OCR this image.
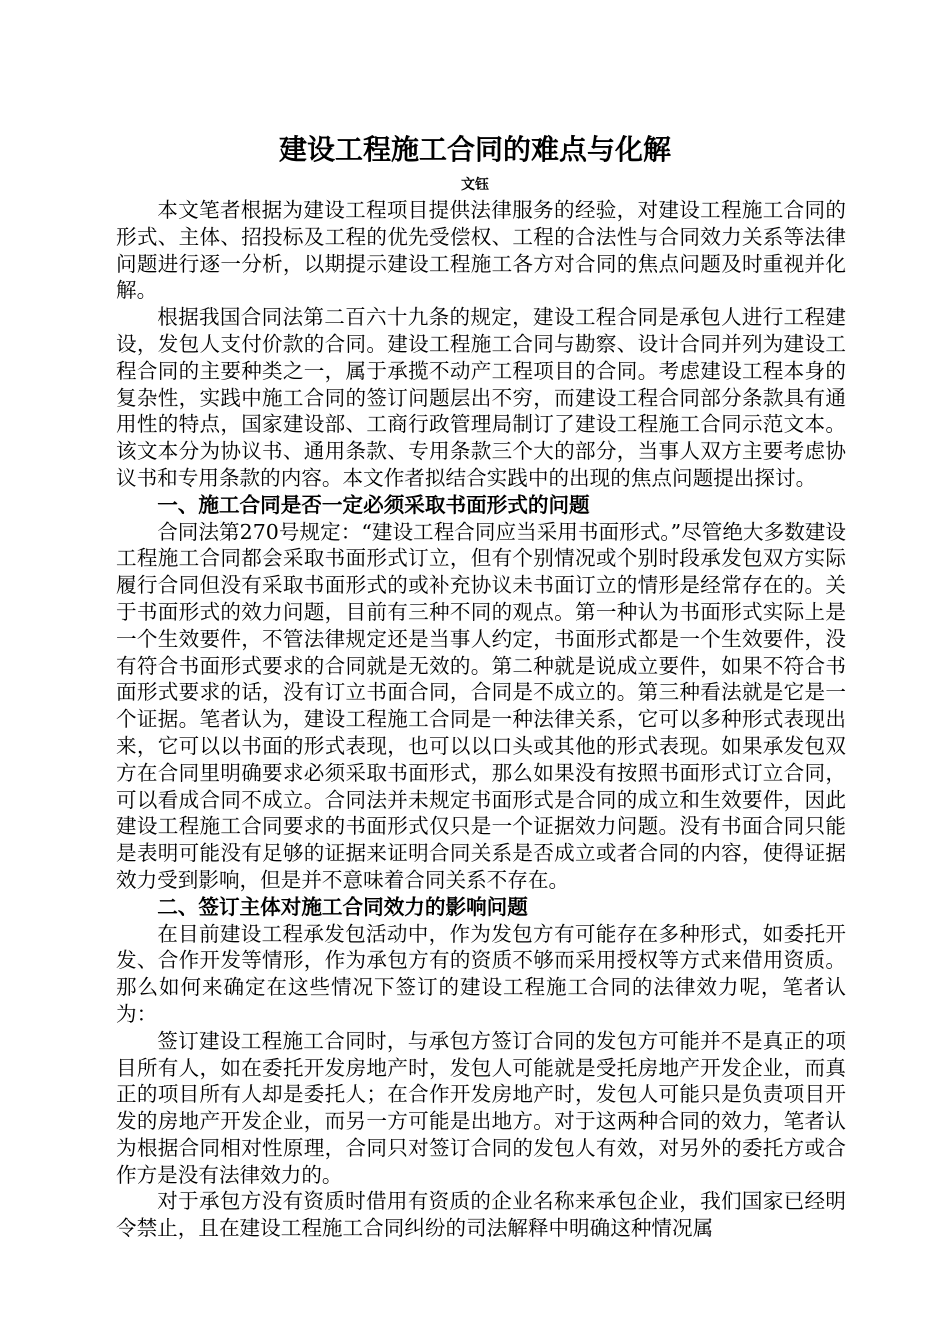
建设工程施工合同的难点与化解
文钰

本文笔者根据为建设工程项目提供法律服务的经验，对建设工程施工合同的形式、主体、招投标及工程的优先受偿权、工程的合法性与合同效力关系等法律问题进行逐一分析，以期提示建设工程施工各方对合同的焦点问题及时重视并化解。

根据我国合同法第二百六十九条的规定，建设工程合同是承包人进行工程建设，发包人支付价款的合同。建设工程施工合同与勘察、设计合同并列为建设工程合同的主要种类之一，属于承揽不动产工程项目的合同。考虑建设工程本身的复杂性，实践中施工合同的签订问题层出不穷，而建设工程合同部分条款具有通用性的特点，国家建设部、工商行政管理局制订了建设工程施工合同示范文本。该文本分为协议书、通用条款、专用条款三个大的部分，当事人双方主要考虑协议书和专用条款的内容。本文作者拟结合实践中的出现的焦点问题提出探讨。

一、施工合同是否一定必须采取书面形式的问题

合同法第270号规定：“建设工程合同应当采用书面形式。”尽管绝大多数建设工程施工合同都会采取书面形式订立，但有个别情况或个别时段承发包双方实际履行合同但没有采取书面形式的或补充协议未书面订立的情形是经常存在的。关于书面形式的效力问题，目前有三种不同的观点。第一种认为书面形式实际上是一个生效要件，不管法律规定还是当事人约定，书面形式都是一个生效要件，没有符合书面形式要求的合同就是无效的。第二种就是说成立要件，如果不符合书面形式要求的话，没有订立书面合同，合同是不成立的。第三种看法就是它是一个证据。笔者认为，建设工程施工合同是一种法律关系，它可以多种形式表现出来，它可以以书面的形式表现，也可以以口头或其他的形式表现。如果承发包双方在合同里明确要求必须采取书面形式，那么如果没有按照书面形式订立合同，可以看成合同不成立。合同法并未规定书面形式是合同的成立和生效要件，因此建设工程施工合同要求的书面形式仅只是一个证据效力问题。没有书面合同只能是表明可能没有足够的证据来证明合同关系是否成立或者合同的内容，使得证据效力受到影响，但是并不意味着合同关系不存在。

二、签订主体对施工合同效力的影响问题

在目前建设工程承发包活动中，作为发包方有可能存在多种形式，如委托开发、合作开发等情形，作为承包方有的资质不够而采用授权等方式来借用资质。那么如何来确定在这些情况下签订的建设工程施工合同的法律效力呢，笔者认为：

签订建设工程施工合同时，与承包方签订合同的发包方可能并不是真正的项目所有人，如在委托开发房地产时，发包人可能就是受托房地产开发企业，而真正的项目所有人却是委托人；在合作开发房地产时，发包人可能只是负责项目开发的房地产开发企业，而另一方可能是出地方。对于这两种合同的效力，笔者认为根据合同相对性原理，合同只对签订合同的发包人有效，对另外的委托方或合作方是没有法律效力的。

对于承包方没有资质时借用有资质的企业名称来承包企业，我们国家已经明令禁止，且在建设工程施工合同纠纷的司法解释中明确这种情况属
